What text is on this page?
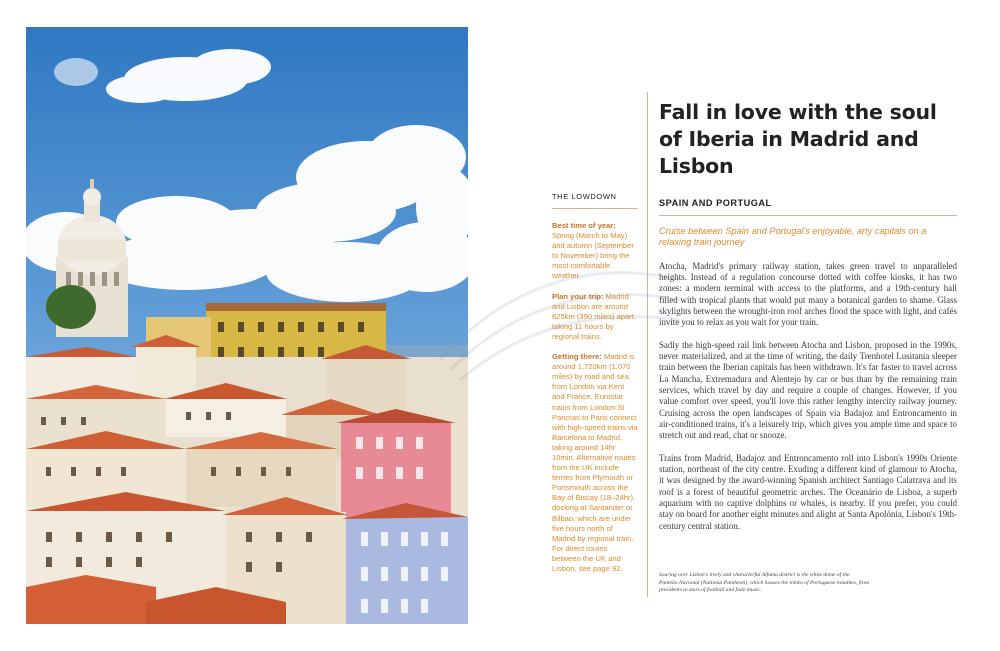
THE LOWDOWN

Best time of year: Spring (March to May) and autumn (September to November) bring the most comfortable weather.

Plan your trip: Madrid and Lisbon are around 625km (390 miles) apart, taking 11 hours by regional trains.

Getting there: Madrid is around 1,720km (1,070 miles) by road and sea from London via Kent and France. Eurostar trains from London St Pancras to Paris connect with high-speed trains via Barcelona to Madrid, taking around 14hr 10min. Alternative routes from the UK include ferries from Plymouth or Portsmouth across the Bay of Biscay (18–24hr), docking at Santander or Bilbao, which are under five hours north of Madrid by regional train. For direct routes between the UK and Lisbon, see page 92.

Fall in love with the soul of Iberia in Madrid and Lisbon
SPAIN AND PORTUGAL

Cruise between Spain and Portugal's enjoyable, arty capitals on a relaxing train journey

Atocha, Madrid's primary railway station, takes green travel to unparalleled heights. Instead of a regulation concourse dotted with coffee kiosks, it has two zones: a modern terminal with access to the platforms, and a 19th-century hall filled with tropical plants that would put many a botanical garden to shame. Glass skylights between the wrought-iron roof arches flood the space with light, and cafés invite you to relax as you wait for your train.

Sadly the high-speed rail link between Atocha and Lisbon, proposed in the 1990s, never materialized, and at the time of writing, the daily Trenhotel Lusitania sleeper train between the Iberian capitals has been withdrawn. It's far faster to travel across La Mancha, Extremadura and Alentejo by car or bus than by the remaining train services, which travel by day and require a couple of changes. However, if you value comfort over speed, you'll love this rather lengthy intercity railway journey. Cruising across the open landscapes of Spain via Badajoz and Entroncamento in air-conditioned trains, it's a leisurely trip, which gives you ample time and space to stretch out and read, chat or snooze.

Trains from Madrid, Badajoz and Entroncamento roll into Lisbon's 1990s Oriente station, northeast of the city centre. Exuding a different kind of glamour to Atocha, it was designed by the award-winning Spanish architect Santiago Calatrava and its roof is a forest of beautiful geometric arches. The Oceanário de Lisboa, a superb aquarium with no captive dolphins or whales, is nearby. If you prefer, you could stay on board for another eight minutes and alight at Santa Apolónia, Lisbon's 19th-century central station.

Soaring over Lisbon's lively and characterful Alfama district is the white dome of the Panteão Nacional (National Pantheon), which houses the tombs of Portuguese notables, from presidents to stars of football and fado music.
